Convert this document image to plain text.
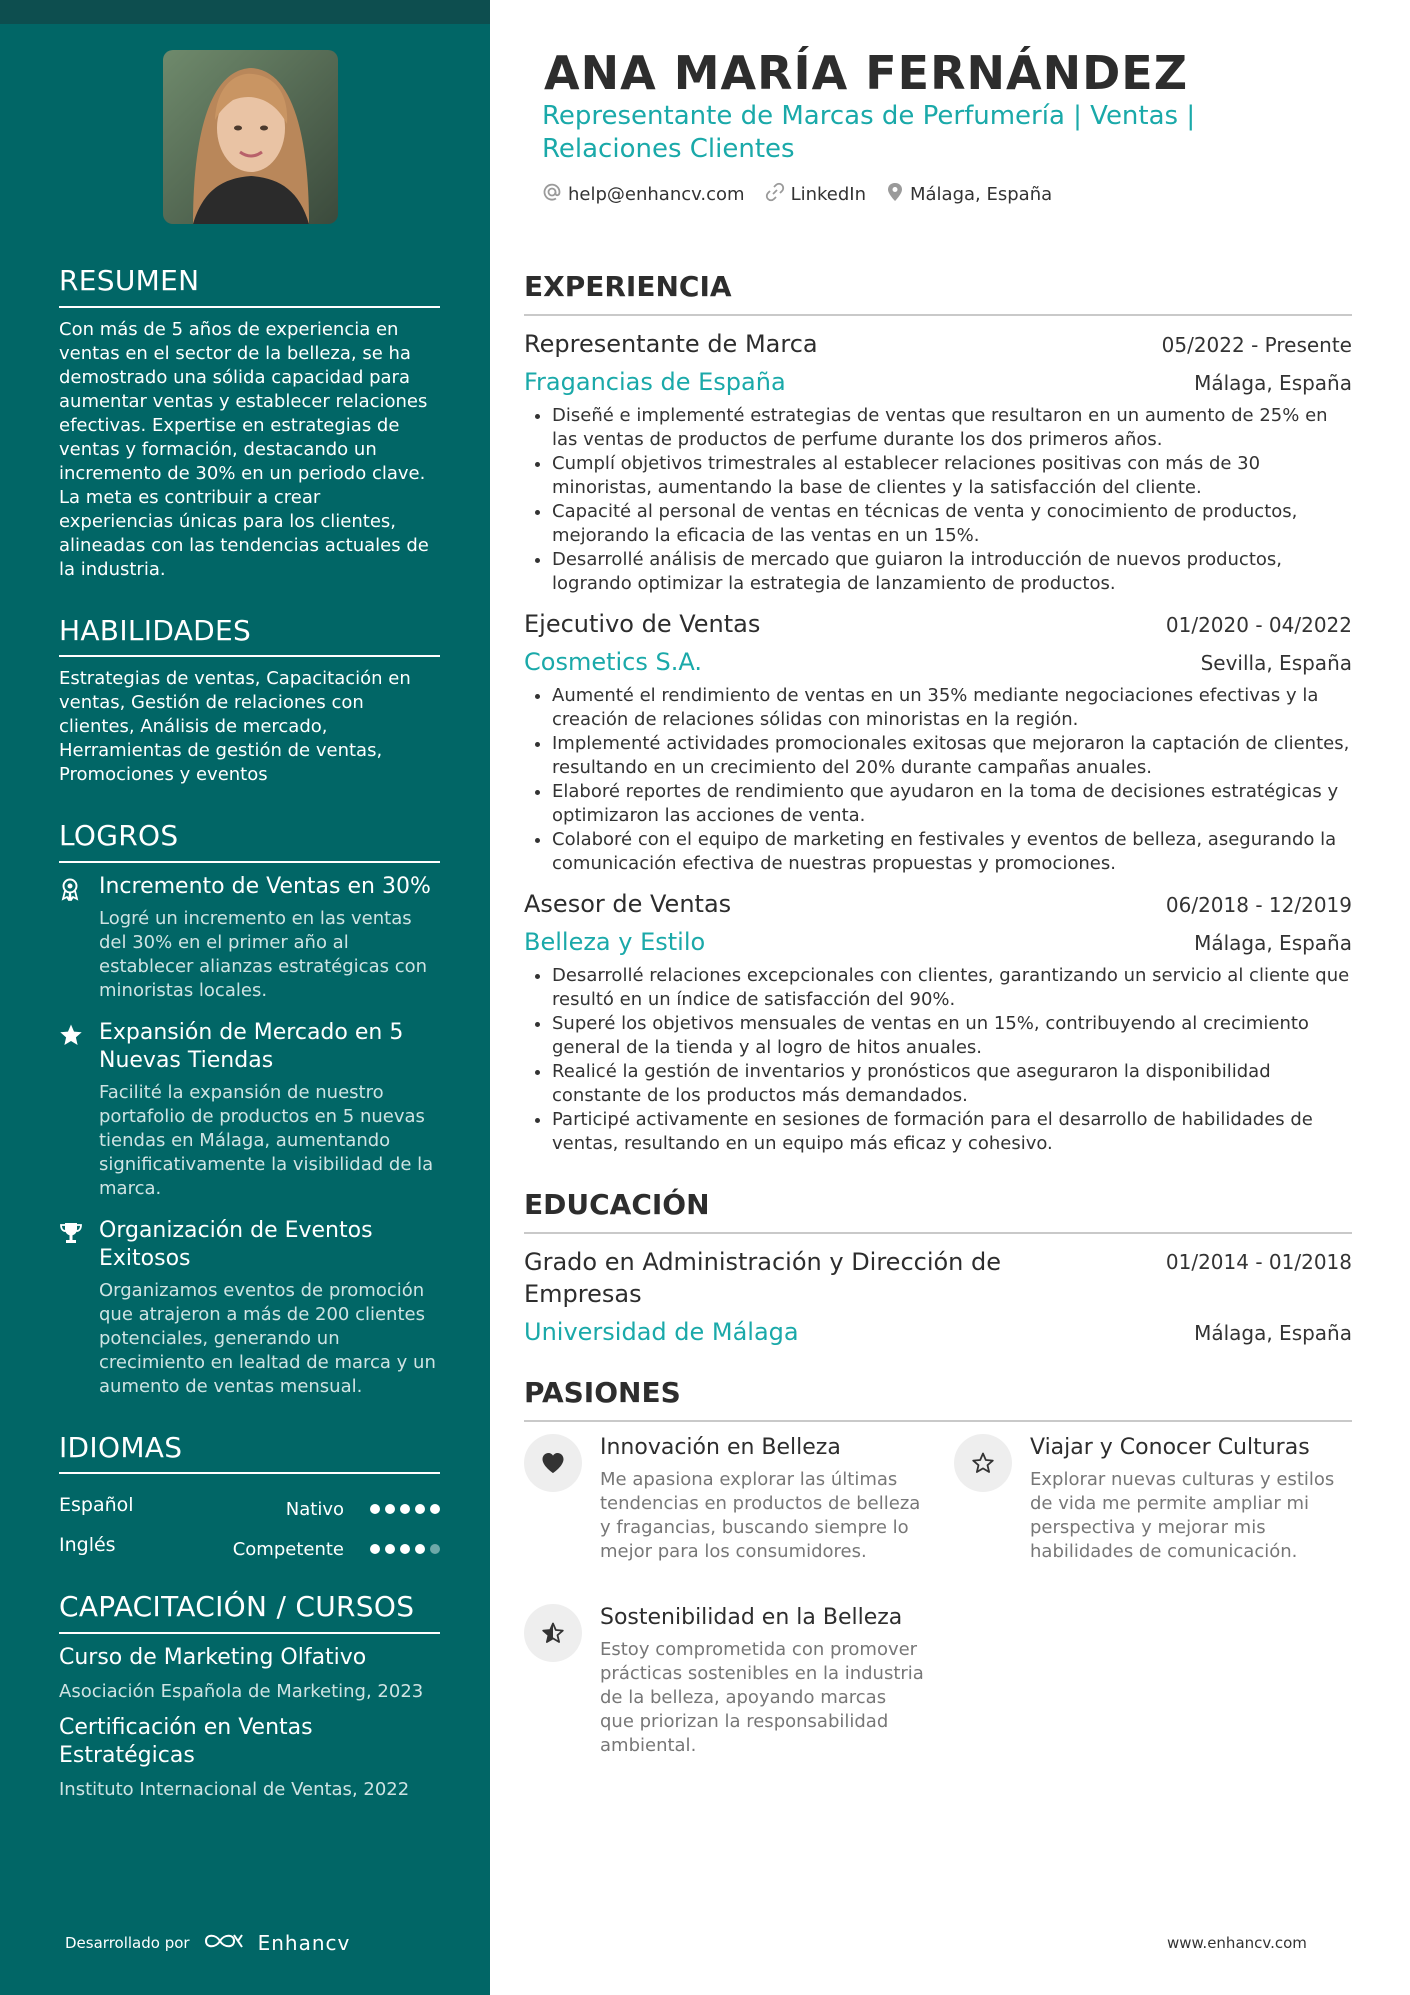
RESUMEN

Con más de 5 años de experiencia en ventas en el sector de la belleza, se ha demostrado una sólida capacidad para aumentar ventas y establecer relaciones efectivas. Expertise en estrategias de ventas y formación, destacando un incremento de 30% en un periodo clave. La meta es contribuir a crear experiencias únicas para los clientes, alineadas con las tendencias actuales de la industria.

HABILIDADES

Estrategias de ventas, Capacitación en ventas, Gestión de relaciones con clientes, Análisis de mercado, Herramientas de gestión de ventas, Promociones y eventos

LOGROS
Incremento de Ventas en 30%
Logré un incremento en las ventas del 30% en el primer año al establecer alianzas estratégicas con minoristas locales.
Expansión de Mercado en 5 Nuevas Tiendas
Facilité la expansión de nuestro portafolio de productos en 5 nuevas tiendas en Málaga, aumentando significativamente la visibilidad de la marca.
Organización de Eventos Exitosos
Organizamos eventos de promoción que atrajeron a más de 200 clientes potenciales, generando un crecimiento en lealtad de marca y un aumento de ventas mensual.
IDIOMAS
Español	Nativo
Inglés	Competente
CAPACITACIÓN / CURSOS
Curso de Marketing Olfativo
Asociación Española de Marketing, 2023
Certificación en Ventas Estratégicas
Instituto Internacional de Ventas, 2022
Desarrollado por	Enhancv
ANA MARÍA FERNÁNDEZ
Representante de Marcas de Perfumería | Ventas | Relaciones Clientes
help@enhancv.com	LinkedIn Málaga, España
EXPERIENCIA
Representante de Marca	05/2022 - Presente
Fragancias de España	Málaga, España
• Diseñé e implementé estrategias de ventas que resultaron en un aumento de 25% en las ventas de productos de perfume durante los dos primeros años.
• Cumplí objetivos trimestrales al establecer relaciones positivas con más de 30 minoristas, aumentando la base de clientes y la satisfacción del cliente.
• Capacité al personal de ventas en técnicas de venta y conocimiento de productos, mejorando la eficacia de las ventas en un 15%.
• Desarrollé análisis de mercado que guiaron la introducción de nuevos productos, logrando optimizar la estrategia de lanzamiento de productos.
Ejecutivo de Ventas	01/2020 - 04/2022
Cosmetics S.A.	Sevilla, España
• Aumenté el rendimiento de ventas en un 35% mediante negociaciones efectivas y la creación de relaciones sólidas con minoristas en la región.
• Implementé actividades promocionales exitosas que mejoraron la captación de clientes, resultando en un crecimiento del 20% durante campañas anuales.
• Elaboré reportes de rendimiento que ayudaron en la toma de decisiones estratégicas y optimizaron las acciones de venta.
• Colaboré con el equipo de marketing en festivales y eventos de belleza, asegurando la comunicación efectiva de nuestras propuestas y promociones.
Asesor de Ventas	06/2018 - 12/2019
Belleza y Estilo	Málaga, España
• Desarrollé relaciones excepcionales con clientes, garantizando un servicio al cliente que resultó en un índice de satisfacción del 90%.
• Superé los objetivos mensuales de ventas en un 15%, contribuyendo al crecimiento general de la tienda y al logro de hitos anuales.
• Realicé la gestión de inventarios y pronósticos que aseguraron la disponibilidad constante de los productos más demandados.
• Participé activamente en sesiones de formación para el desarrollo de habilidades de ventas, resultando en un equipo más eficaz y cohesivo.
EDUCACIÓN
Grado en Administración y Dirección de Empresas
01/2014 - 01/2018
Universidad de Málaga	Málaga, España
PASIONES
Innovación en Belleza
Me apasiona explorar las últimas tendencias en productos de belleza y fragancias, buscando siempre lo mejor para los consumidores.
Viajar y Conocer Culturas
Explorar nuevas culturas y estilos de vida me permite ampliar mi perspectiva y mejorar mis habilidades de comunicación.
Sostenibilidad en la Belleza
Estoy comprometida con promover prácticas sostenibles en la industria de la belleza, apoyando marcas que priorizan la responsabilidad ambiental.
www.enhancv.com
